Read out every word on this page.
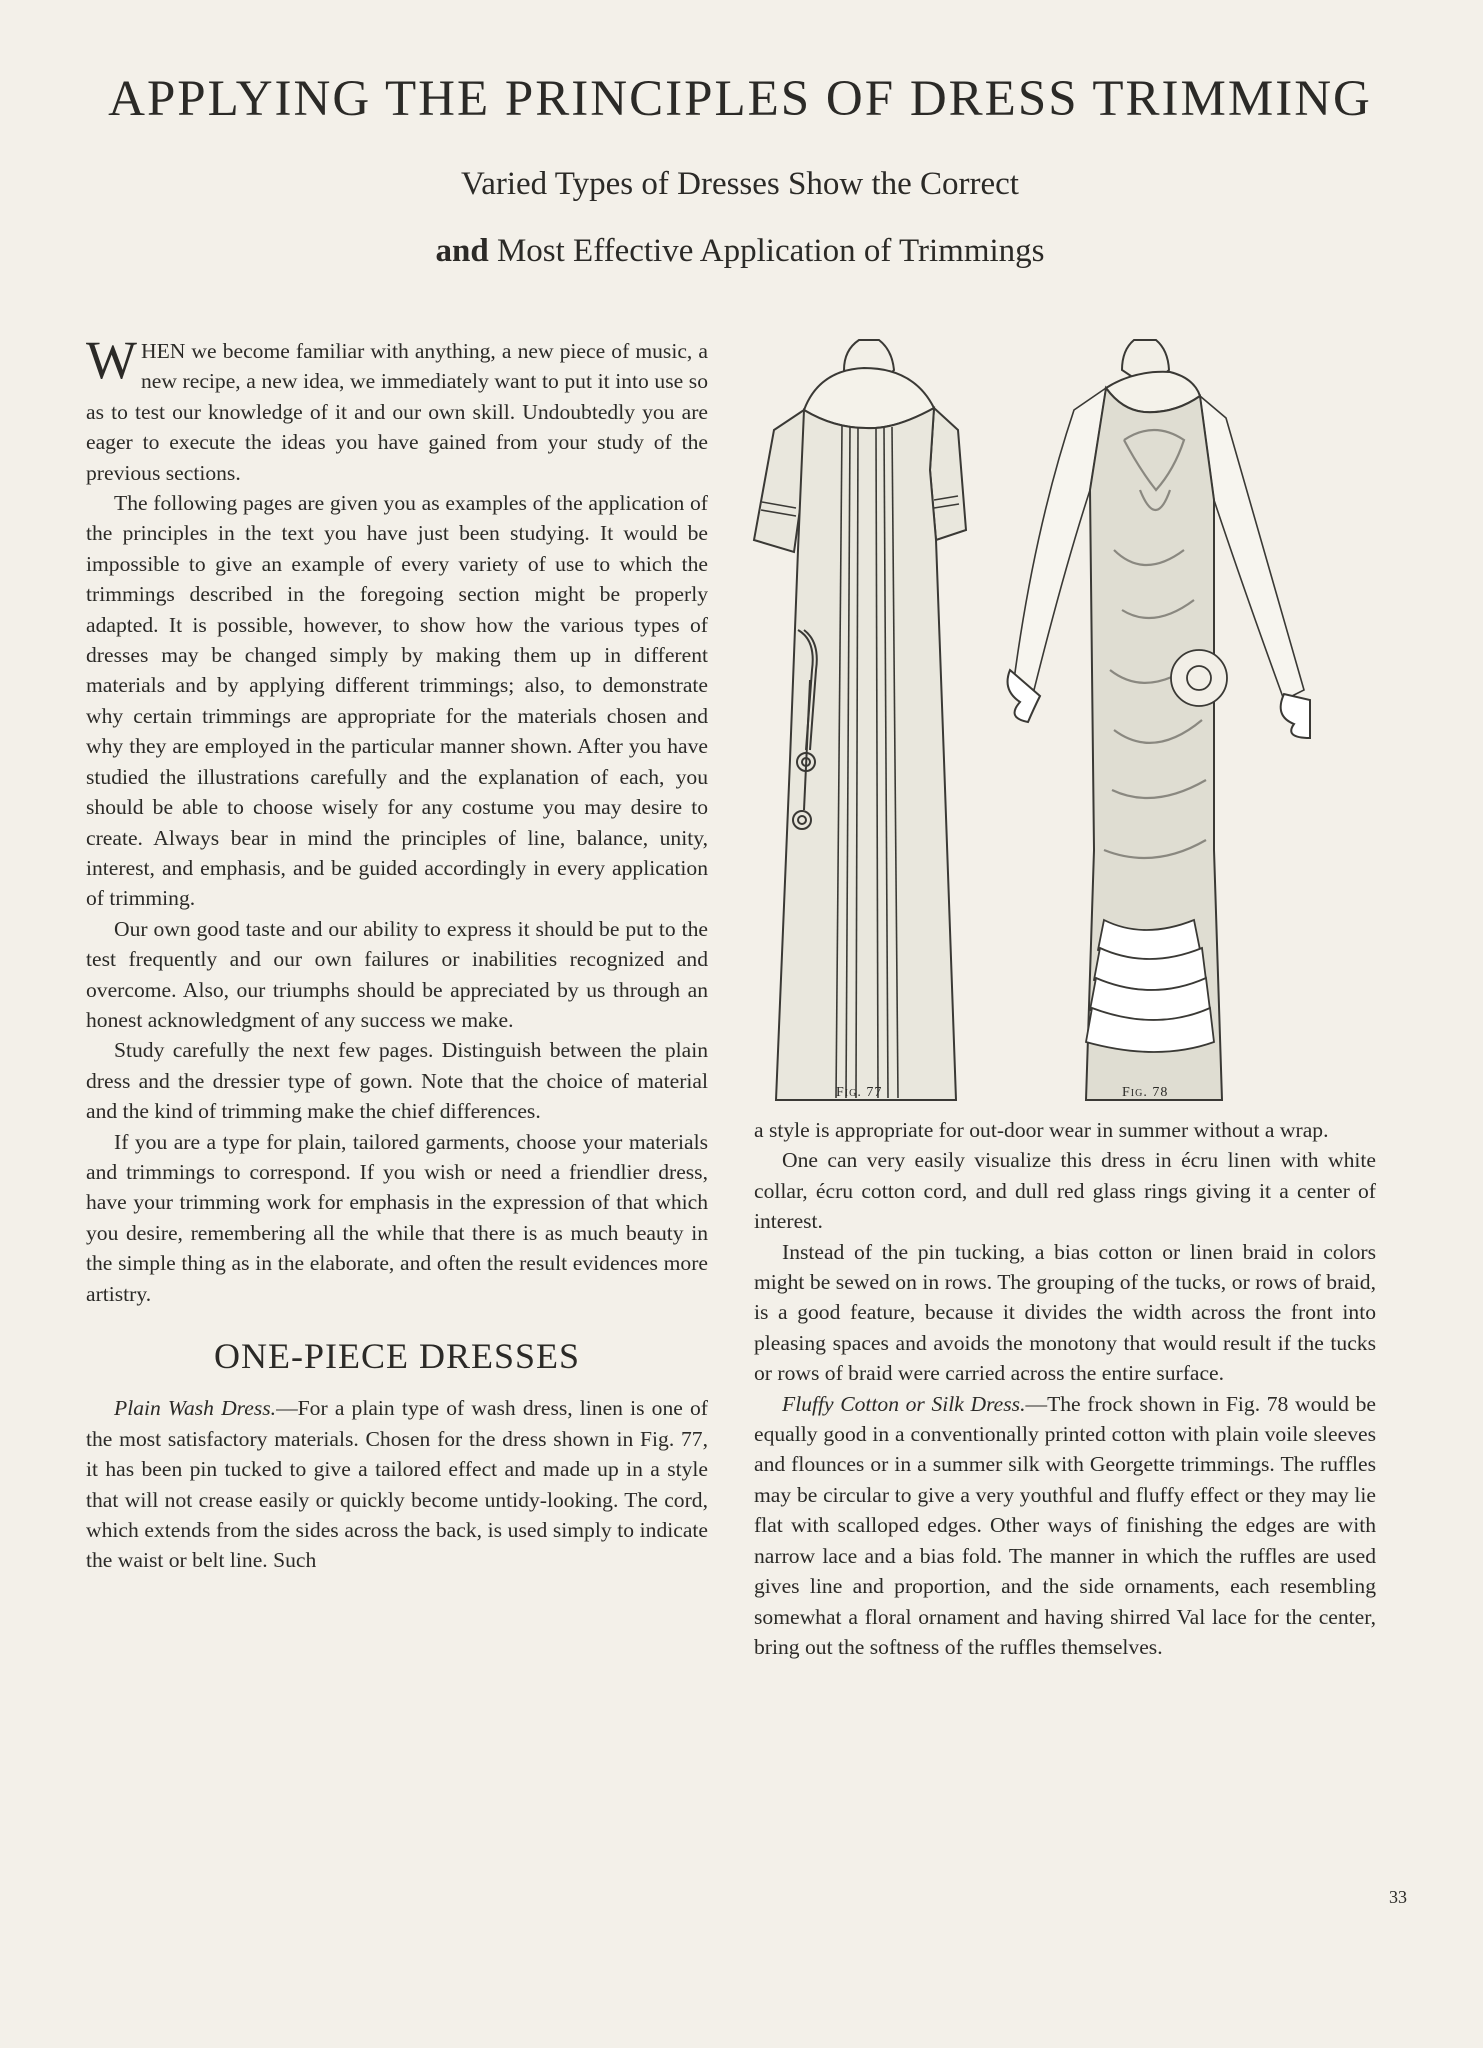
APPLYING THE PRINCIPLES OF DRESS TRIMMING
Varied Types of Dresses Show the Correct
and Most Effective Application of Trimmings

WHEN we become familiar with anything, a new piece of music, a new recipe, a new idea, we immediately want to put it into use so as to test our knowledge of it and our own skill. Undoubtedly you are eager to execute the ideas you have gained from your study of the previous sections.

The following pages are given you as examples of the application of the principles in the text you have just been studying. It would be impossible to give an example of every variety of use to which the trimmings described in the foregoing section might be properly adapted. It is possible, however, to show how the various types of dresses may be changed simply by making them up in different materials and by applying different trimmings; also, to demonstrate why certain trimmings are appropriate for the materials chosen and why they are employed in the particular manner shown. After you have studied the illustrations carefully and the explanation of each, you should be able to choose wisely for any costume you may desire to create. Always bear in mind the principles of line, balance, unity, interest, and emphasis, and be guided accordingly in every application of trimming.

Our own good taste and our ability to express it should be put to the test frequently and our own failures or inabilities recognized and overcome. Also, our triumphs should be appreciated by us through an honest acknowledgment of any success we make.

Study carefully the next few pages. Distinguish between the plain dress and the dressier type of gown. Note that the choice of material and the kind of trimming make the chief differences.

If you are a type for plain, tailored garments, choose your materials and trimmings to correspond. If you wish or need a friendlier dress, have your trimming work for emphasis in the expression of that which you desire, remembering all the while that there is as much beauty in the simple thing as in the elaborate, and often the result evidences more artistry.

ONE-PIECE DRESSES

Plain Wash Dress.—For a plain type of wash dress, linen is one of the most satisfactory materials. Chosen for the dress shown in Fig. 77, it has been pin tucked to give a tailored effect and made up in a style that will not crease easily or quickly become untidy-looking. The cord, which extends from the sides across the back, is used simply to indicate the waist or belt line. Such

Fig. 77	Fig. 78

a style is appropriate for out-door wear in summer without a wrap.

One can very easily visualize this dress in écru linen with white collar, écru cotton cord, and dull red glass rings giving it a center of interest.

Instead of the pin tucking, a bias cotton or linen braid in colors might be sewed on in rows. The grouping of the tucks, or rows of braid, is a good feature, because it divides the width across the front into pleasing spaces and avoids the monotony that would result if the tucks or rows of braid were carried across the entire surface.

Fluffy Cotton or Silk Dress.—The frock shown in Fig. 78 would be equally good in a conventionally printed cotton with plain voile sleeves and flounces or in a summer silk with Georgette trimmings. The ruffles may be circular to give a very youthful and fluffy effect or they may lie flat with scalloped edges. Other ways of finishing the edges are with narrow lace and a bias fold. The manner in which the ruffles are used gives line and proportion, and the side ornaments, each resembling somewhat a floral ornament and having shirred Val lace for the center, bring out the softness of the ruffles themselves.

33
